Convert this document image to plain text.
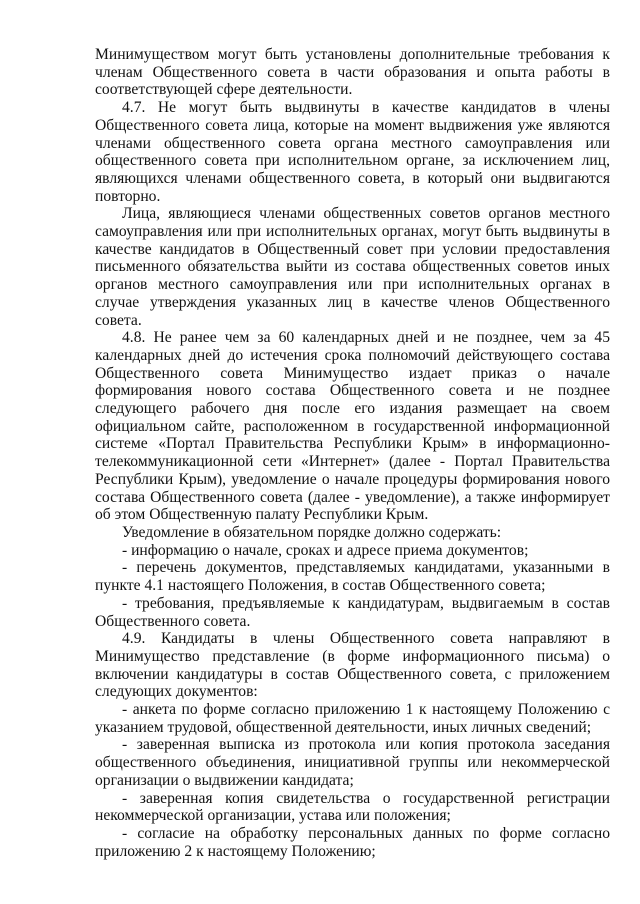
Минимуществом могут быть установлены дополнительные требования к членам Общественного совета в части образования и опыта работы в соответствующей сфере деятельности.

4.7. Не могут быть выдвинуты в качестве кандидатов в члены Общественного совета лица, которые на момент выдвижения уже являются членами общественного совета органа местного самоуправления или общественного совета при исполнительном органе, за исключением лиц, являющихся членами общественного совета, в который они выдвигаются повторно.

Лица, являющиеся членами общественных советов органов местного самоуправления или при исполнительных органах, могут быть выдвинуты в качестве кандидатов в Общественный совет при условии предоставления письменного обязательства выйти из состава общественных советов иных органов местного самоуправления или при исполнительных органах в случае утверждения указанных лиц в качестве членов Общественного совета.

4.8. Не ранее чем за 60 календарных дней и не позднее, чем за 45 календарных дней до истечения срока полномочий действующего состава Общественного совета Минимущество издает приказ о начале формирования нового состава Общественного совета и не позднее следующего рабочего дня после его издания размещает на своем официальном сайте, расположенном в государственной информационной системе «Портал Правительства Республики Крым» в информационно-телекоммуникационной сети «Интернет» (далее - Портал Правительства Республики Крым), уведомление о начале процедуры формирования нового состава Общественного совета (далее - уведомление), а также информирует об этом Общественную палату Республики Крым.

Уведомление в обязательном порядке должно содержать:

- информацию о начале, сроках и адресе приема документов;

- перечень документов, представляемых кандидатами, указанными в пункте 4.1 настоящего Положения, в состав Общественного совета;

- требования, предъявляемые к кандидатурам, выдвигаемым в состав Общественного совета.

4.9. Кандидаты в члены Общественного совета направляют в Минимущество представление (в форме информационного письма) о включении кандидатуры в состав Общественного совета, с приложением следующих документов:

- анкета по форме согласно приложению 1 к настоящему Положению с указанием трудовой, общественной деятельности, иных личных сведений;

- заверенная выписка из протокола или копия протокола заседания общественного объединения, инициативной группы или некоммерческой организации о выдвижении кандидата;

- заверенная копия свидетельства о государственной регистрации некоммерческой организации, устава или положения;

- согласие на обработку персональных данных по форме согласно приложению 2 к настоящему Положению;
